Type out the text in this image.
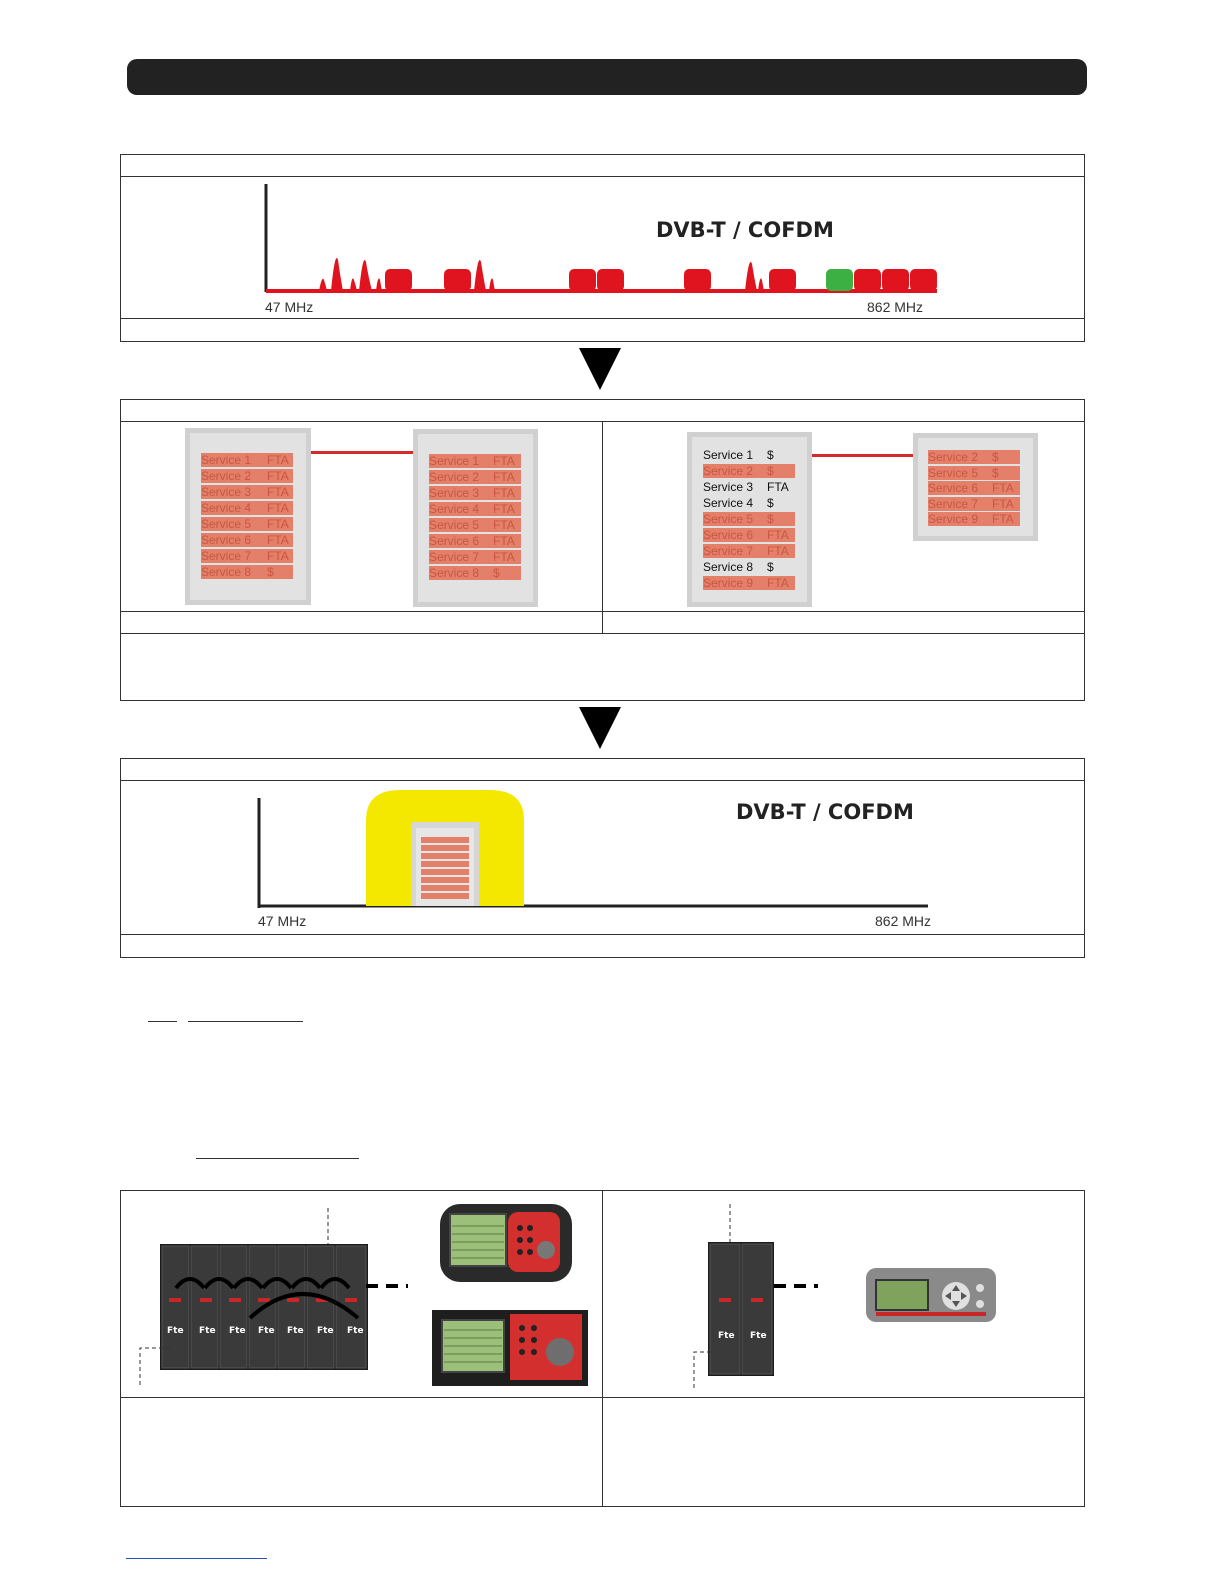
DVB-T / COFDM
47 MHz	862 MHz
Service 1 FTA
Service 2 FTA
Service 3 FTA
Service 4 FTA
Service 5 FTA
Service 6 FTA
Service 7 FTA
Service 8 $
Service 1 FTA
Service 2 FTA
Service 3 FTA
Service 4 FTA
Service 5 FTA
Service 6 FTA
Service 7 FTA
Service 8 $
Service 1 $
Service 2 $
Service 3 FTA
Service 4 $
Service 5 $
Service 6 FTA
Service 7 FTA
Service 8 $
Service 9 FTA
Service 2 $
Service 5 $
Service 6 FTA
Service 7 FTA
Service 9 FTA
DVB-T / COFDM
47 MHz	862 MHz
Fte Fte Fte Fte Fte Fte Fte	Fte Fte
